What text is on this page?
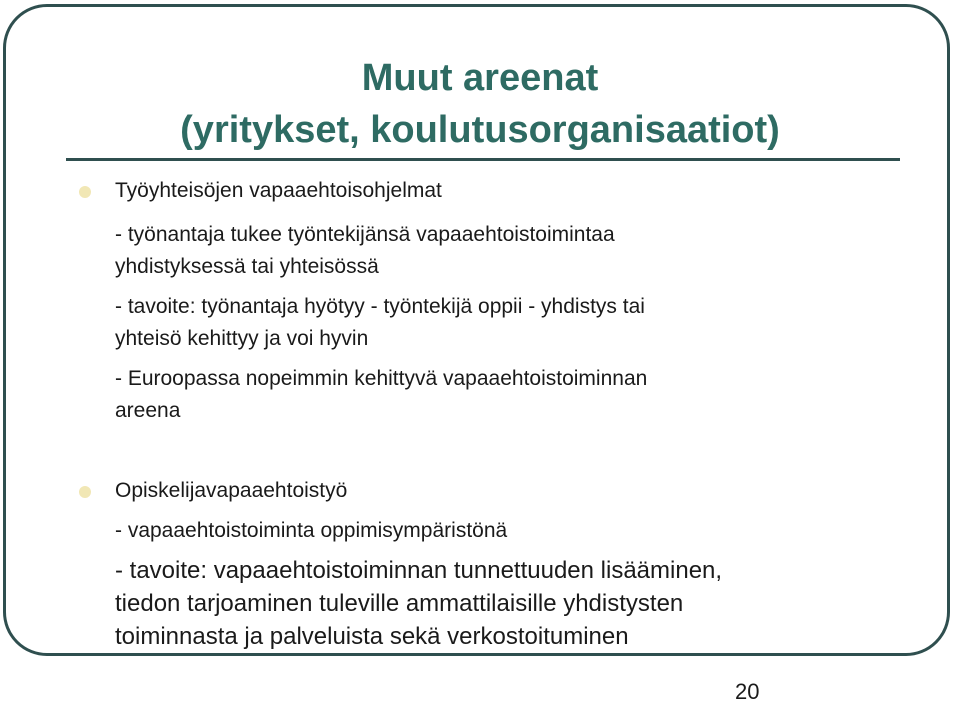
Muut areenat
(yritykset, koulutusorganisaatiot)
Työyhteisöjen vapaaehtoisohjelmat
- työnantaja tukee työntekijänsä vapaaehtoistoimintaa
yhdistyksessä tai yhteisössä
- tavoite: työnantaja hyötyy - työntekijä oppii - yhdistys tai
yhteisö kehittyy ja voi hyvin
- Euroopassa nopeimmin kehittyvä vapaaehtoistoiminnan
areena
Opiskelijavapaaehtoistyö
- vapaaehtoistoiminta oppimisympäristönä
- tavoite: vapaaehtoistoiminnan tunnettuuden lisääminen,
tiedon tarjoaminen tuleville ammattilaisille yhdistysten
toiminnasta ja palveluista sekä verkostoituminen
20
